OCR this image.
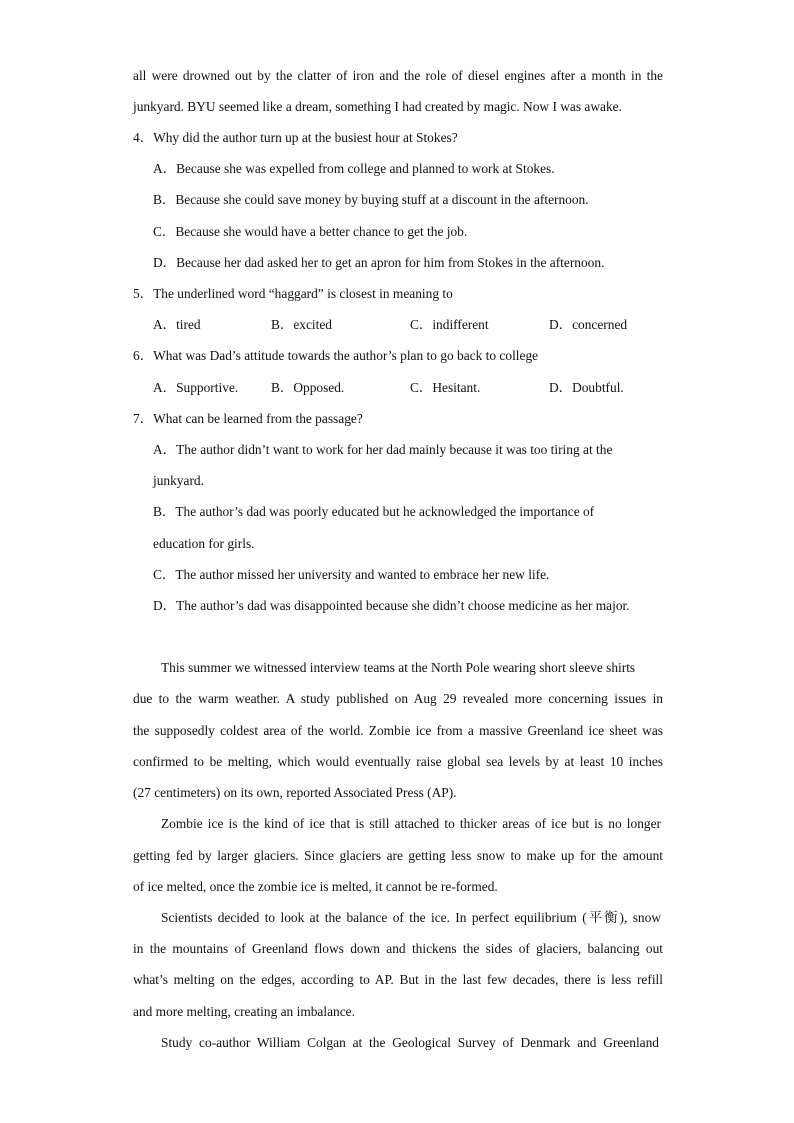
all were drowned out by the clatter of iron and the role of diesel engines after a month in the
junkyard. BYU seemed like a dream, something I had created by magic. Now I was awake.
4．Why did the author turn up at the busiest hour at Stokes?
A．Because she was expelled from college and planned to work at Stokes.
B．Because she could save money by buying stuff at a discount in the afternoon.
C．Because she would have a better chance to get the job.
D．Because her dad asked her to get an apron for him from Stokes in the afternoon.
5．The underlined word “haggard” is closest in meaning to
A．tired	B．excited	C．indifferent	D．concerned
6．What was Dad’s attitude towards the author’s plan to go back to college
A．Supportive. B．Opposed.	C．Hesitant.	D．Doubtful.
7．What can be learned from the passage?
A．The author didn’t want to work for her dad mainly because it was too tiring at the
junkyard.
B．The author’s dad was poorly educated but he acknowledged the importance of
education for girls.
C．The author missed her university and wanted to embrace her new life.
D．The author’s dad was disappointed because she didn’t choose medicine as her major.
This summer we witnessed interview teams at the North Pole wearing short sleeve shirts
due to the warm weather. A study published on Aug 29 revealed more concerning issues in
the supposedly coldest area of the world. Zombie ice from a massive Greenland ice sheet was
confirmed to be melting, which would eventually raise global sea levels by at least 10 inches
(27 centimeters) on its own, reported Associated Press (AP).
Zombie ice is the kind of ice that is still attached to thicker areas of ice but is no longer
getting fed by larger glaciers. Since glaciers are getting less snow to make up for the amount
of ice melted, once the zombie ice is melted, it cannot be re-formed.
Scientists decided to look at the balance of the ice. In perfect equilibrium (平衡), snow
in the mountains of Greenland flows down and thickens the sides of glaciers, balancing out
what’s melting on the edges, according to AP. But in the last few decades, there is less refill
and more melting, creating an imbalance.
Study co-author William Colgan at the Geological Survey of Denmark and Greenland
